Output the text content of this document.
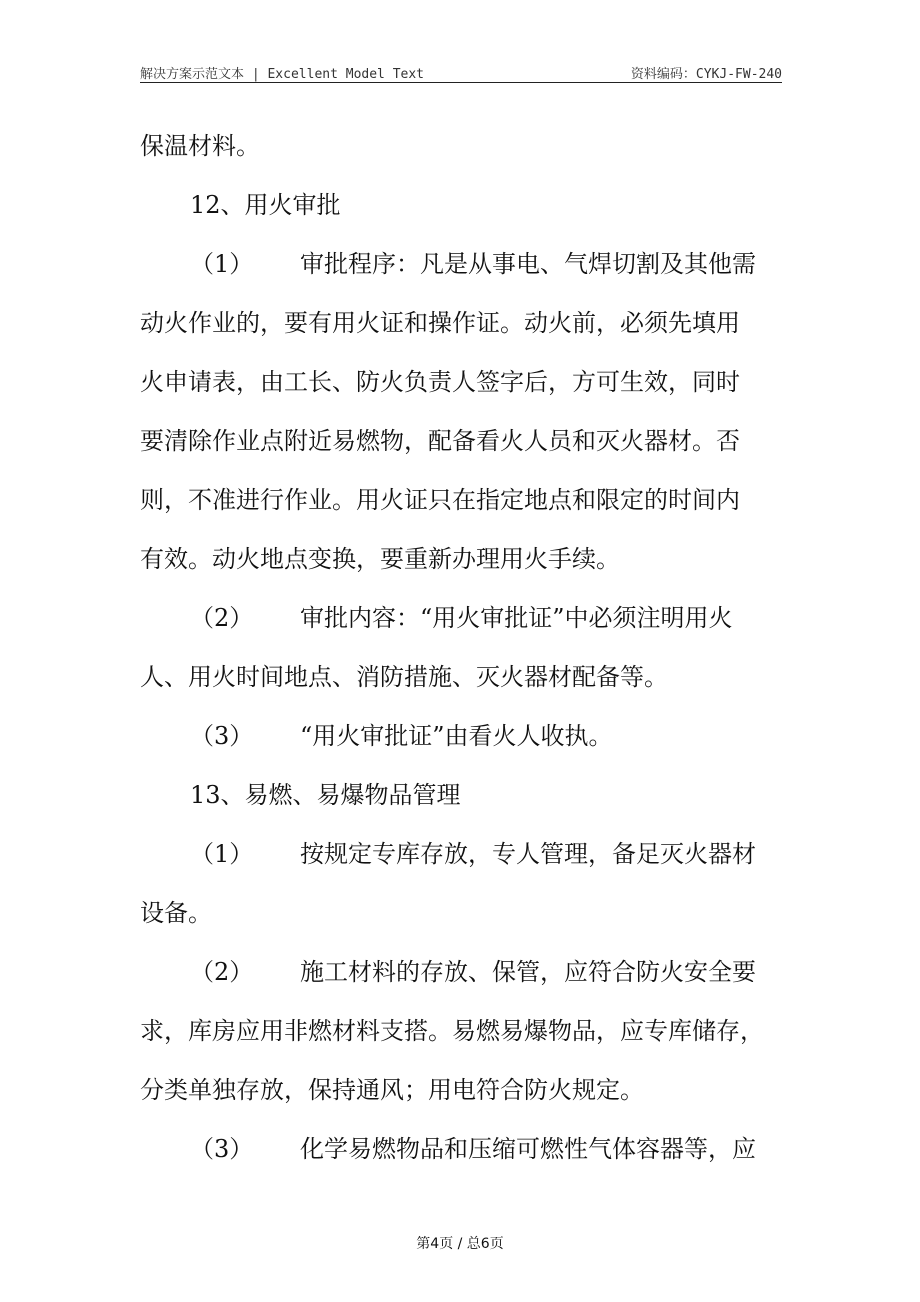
解决方案示范文本 | Excellent Model Text	资料编码：CYKJ-FW-240

保温材料。

12、用火审批

（1） 审批程序：凡是从事电、气焊切割及其他需

动火作业的，要有用火证和操作证。动火前，必须先填用

火申请表，由工长、防火负责人签字后，方可生效，同时

要清除作业点附近易燃物，配备看火人员和灭火器材。否

则，不准进行作业。用火证只在指定地点和限定的时间内

有效。动火地点变换，要重新办理用火手续。

（2） 审批内容：“用火审批证”中必须注明用火

人、用火时间地点、消防措施、灭火器材配备等。

（3） “用火审批证”由看火人收执。

13、易燃、易爆物品管理

（1） 按规定专库存放，专人管理，备足灭火器材

设备。

（2） 施工材料的存放、保管，应符合防火安全要

求，库房应用非燃材料支搭。易燃易爆物品，应专库储存，

分类单独存放，保持通风；用电符合防火规定。

（3） 化学易燃物品和压缩可燃性气体容器等，应

第4页 / 总6页
